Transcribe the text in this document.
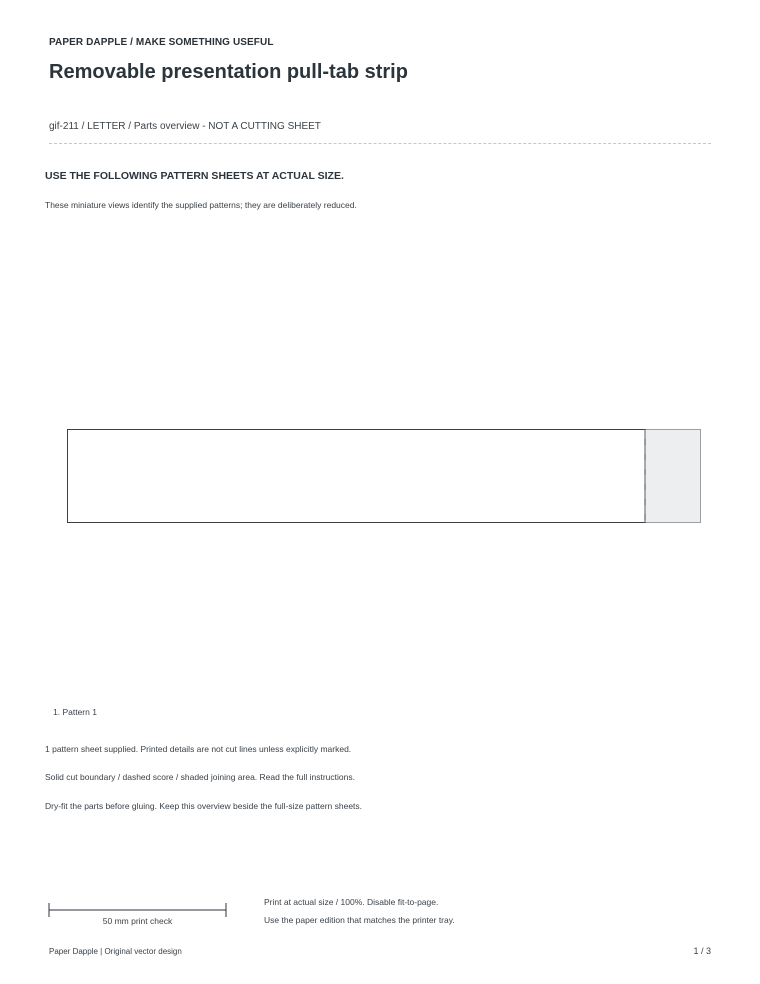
PAPER DAPPLE / MAKE SOMETHING USEFUL
Removable presentation pull-tab strip
gif-211 / LETTER / Parts overview - NOT A CUTTING SHEET
USE THE FOLLOWING PATTERN SHEETS AT ACTUAL SIZE.
These miniature views identify the supplied patterns; they are deliberately reduced.
1. Pattern 1
1 pattern sheet supplied. Printed details are not cut lines unless explicitly marked.
Solid cut boundary / dashed score / shaded joining area. Read the full instructions.
Dry-fit the parts before gluing. Keep this overview beside the full-size pattern sheets.
50 mm print check
Print at actual size / 100%. Disable fit-to-page.
Use the paper edition that matches the printer tray.
Paper Dapple | Original vector design	1 / 3
